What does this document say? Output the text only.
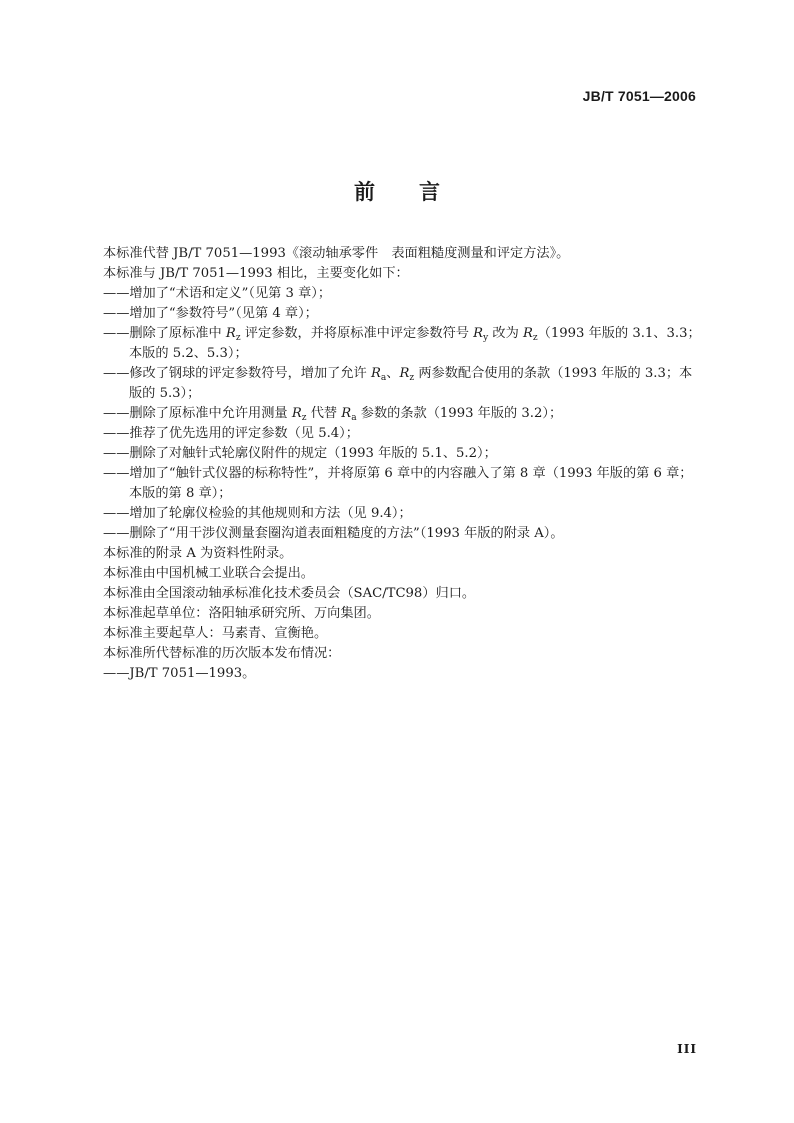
JB/T 7051—2006
前 言
本标准代替 JB/T 7051—1993《滚动轴承零件　表面粗糙度测量和评定方法》。
本标准与 JB/T 7051—1993 相比，主要变化如下：
——增加了“术语和定义”（见第 3 章）；
——增加了“参数符号”（见第 4 章）；
——删除了原标准中 $R_z$ 评定参数，并将原标准中评定参数符号 $R_y$ 改为 $R_z(1993$ 年版的 3.1、3.3；
本版的 5.2、5.3）；
——修改了钢球的评定参数符号，增加了允许 $R_a$、$R_z$ 两参数配合使用的条款（1993 年版的 3.3；本
版的 5.3）；
——删除了原标准中允许用测量 $R_z$ 代替 $R_a$ 参数的条款（1993 年版的 3.2）；
——推荐了优先选用的评定参数（见 5.4）；
——删除了对触针式轮廓仪附件的规定（1993 年版的 5.1、5.2）；
——增加了“触针式仪器的标称特性”，并将原第 6 章中的内容融入了第 8 章（1993 年版的第 6 章；
本版的第 8 章）；
——增加了轮廓仪检验的其他规则和方法（见 9.4）；
——删除了“用干涉仪测量套圈沟道表面粗糙度的方法”（1993 年版的附录 A）。
本标准的附录 A 为资料性附录。
本标准由中国机械工业联合会提出。
本标准由全国滚动轴承标准化技术委员会（SAC/TC98）归口。
本标准起草单位：洛阳轴承研究所、万向集团。
本标准主要起草人：马素青、宣衡艳。
本标准所代替标准的历次版本发布情况：
——JB/T 7051—1993。
III
